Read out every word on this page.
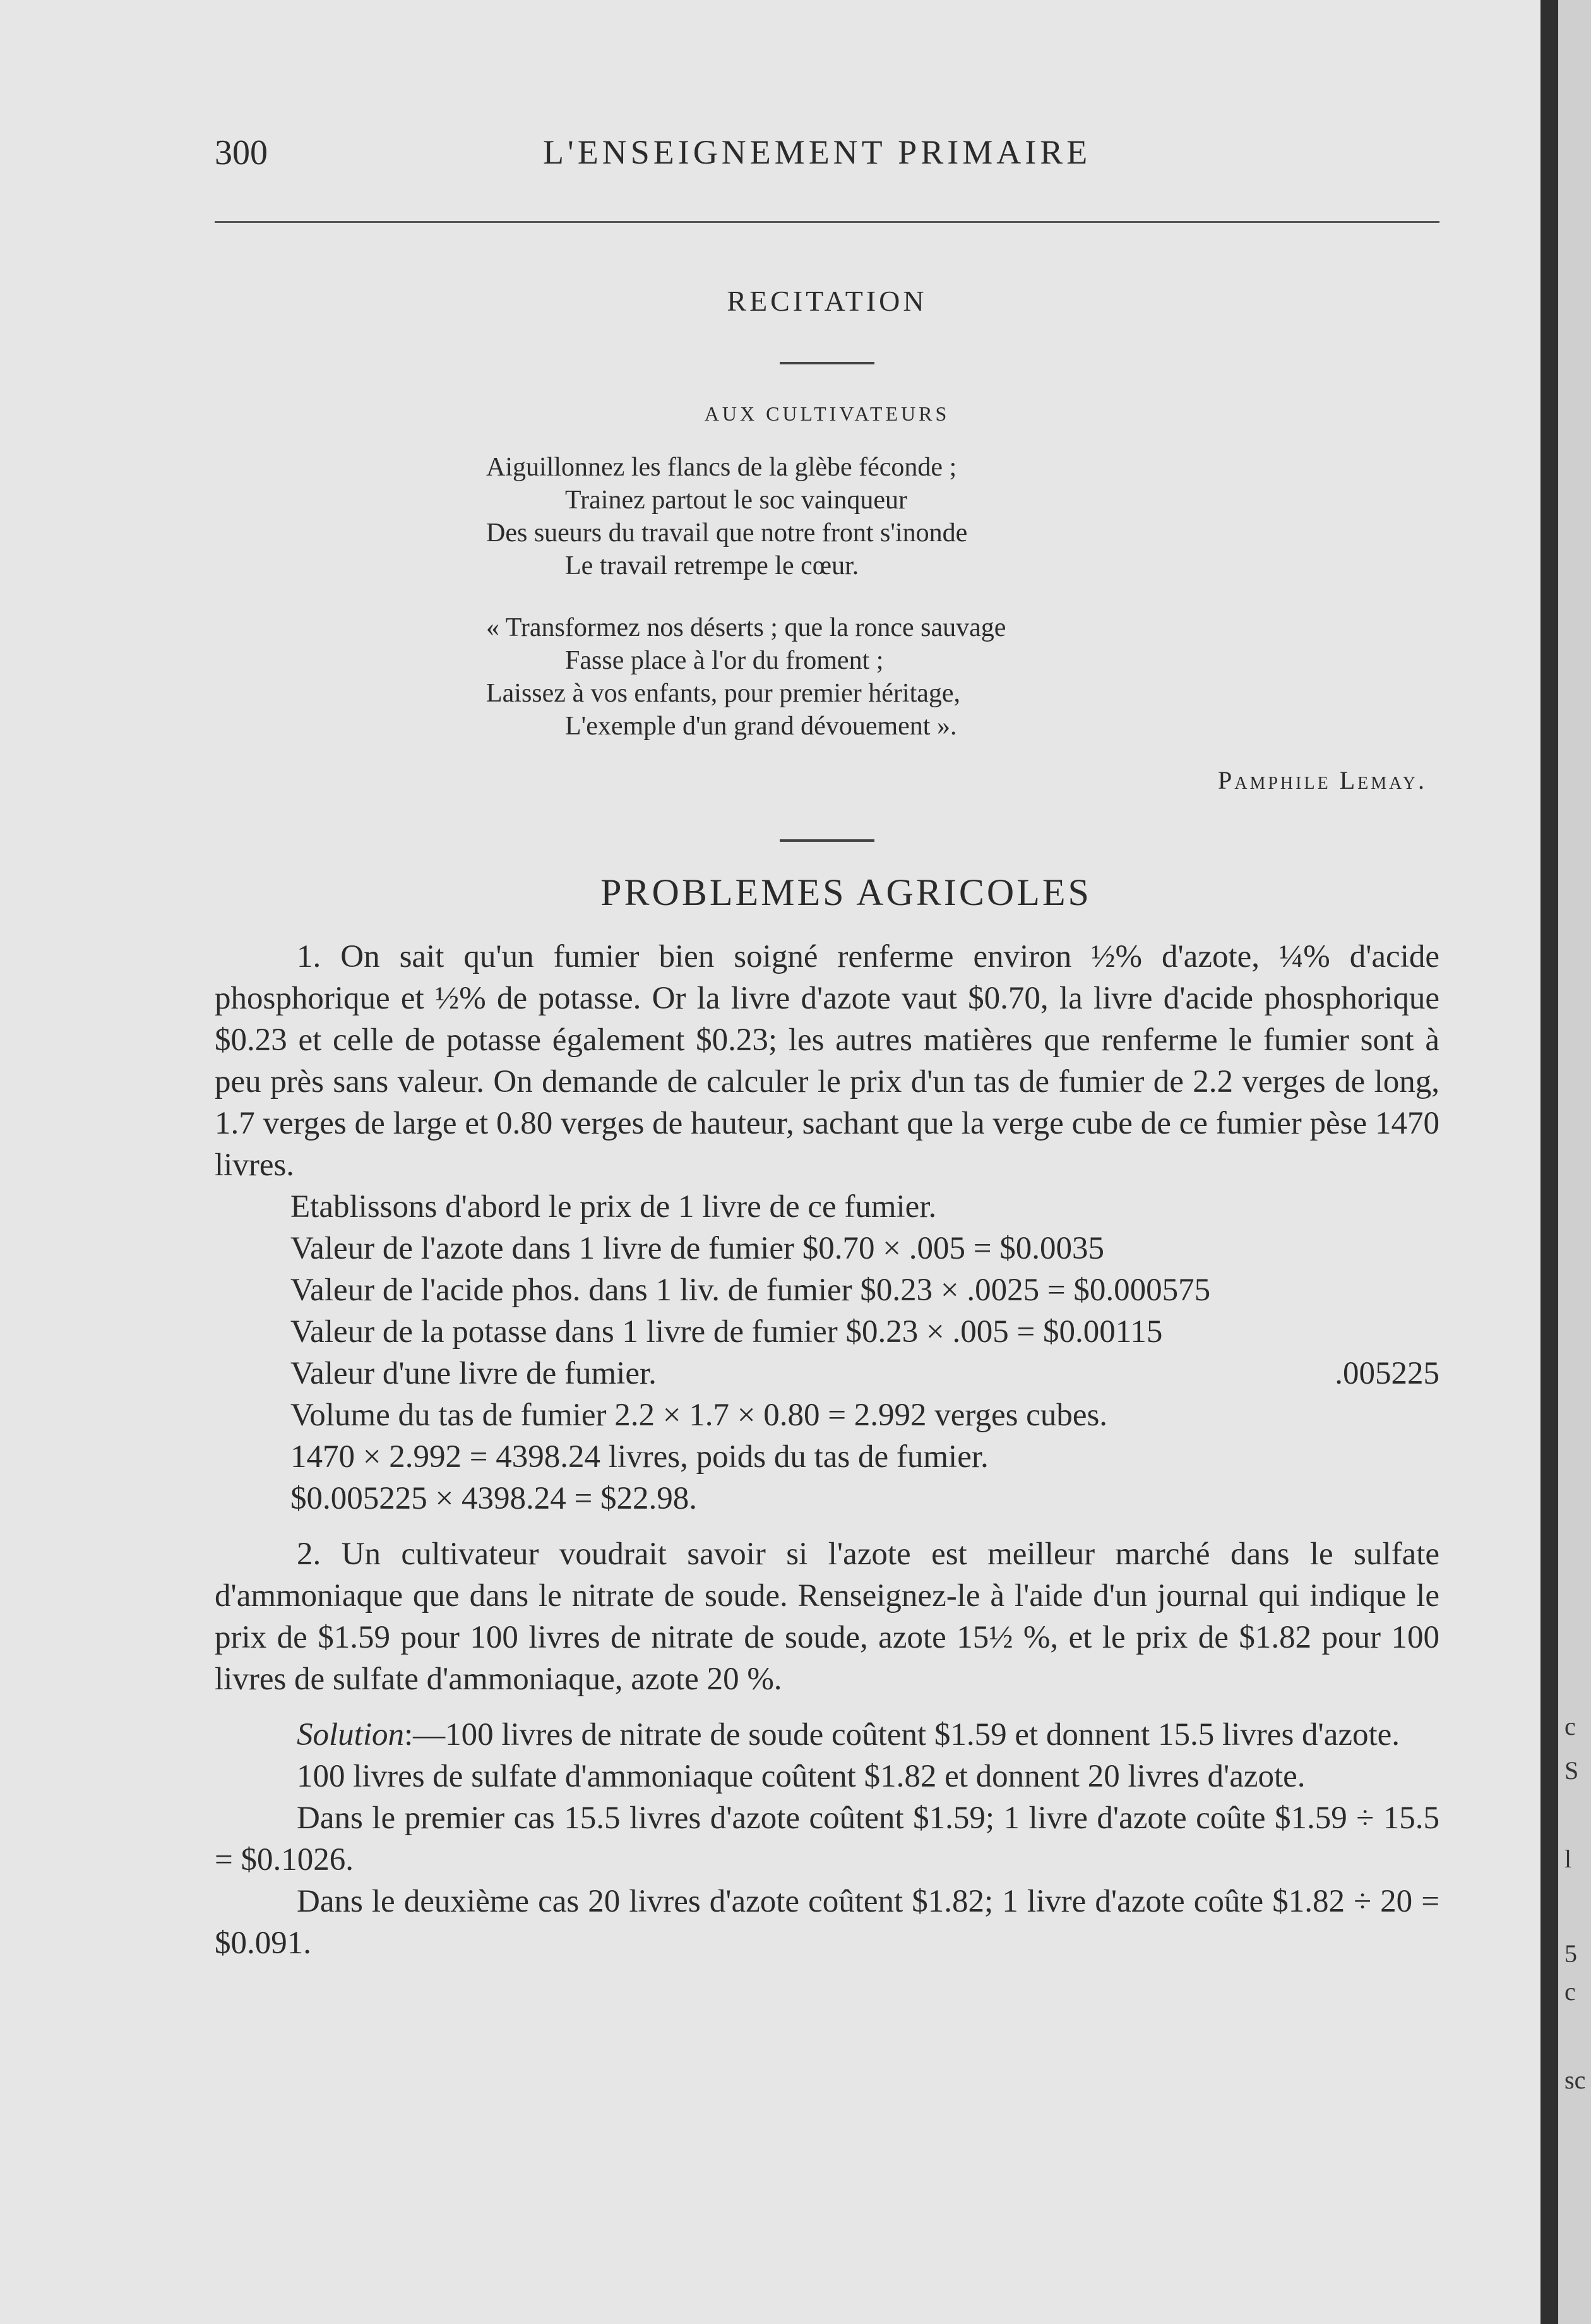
300	L'ENSEIGNEMENT PRIMAIRE
RECITATION
AUX CULTIVATEURS
Aiguillonnez les flancs de la glèbe féconde ;
Trainez partout le soc vainqueur
Des sueurs du travail que notre front s'inonde
Le travail retrempe le cœur.
« Transformez nos déserts ; que la ronce sauvage
Fasse place à l'or du froment ;
Laissez à vos enfants, pour premier héritage,
L'exemple d'un grand dévouement ».
Pamphile Lemay.
PROBLEMES AGRICOLES

1. On sait qu'un fumier bien soigné renferme environ ½% d'azote, ¼% d'acide phosphorique et ½% de potasse. Or la livre d'azote vaut $0.70, la livre d'acide phosphorique $0.23 et celle de potasse également $0.23; les autres matières que renferme le fumier sont à peu près sans valeur. On demande de calculer le prix d'un tas de fumier de 2.2 verges de long, 1.7 verges de large et 0.80 verges de hauteur, sachant que la verge cube de ce fumier pèse 1470 livres.

Etablissons d'abord le prix de 1 livre de ce fumier.

Valeur de l'azote dans 1 livre de fumier $0.70 × .005 = $0.0035

Valeur de l'acide phos. dans 1 liv. de fumier $0.23 × .0025 = $0.000575

Valeur de la potasse dans 1 livre de fumier $0.23 × .005 = $0.00115

Valeur d'une livre de fumier.	.005225

Volume du tas de fumier 2.2 × 1.7 × 0.80 = 2.992 verges cubes.

1470 × 2.992 = 4398.24 livres, poids du tas de fumier.

$0.005225 × 4398.24 = $22.98.

2. Un cultivateur voudrait savoir si l'azote est meilleur marché dans le sulfate d'ammoniaque que dans le nitrate de soude. Renseignez-le à l'aide d'un journal qui indique le prix de $1.59 pour 100 livres de nitrate de soude, azote 15½ %, et le prix de $1.82 pour 100 livres de sulfate d'ammoniaque, azote 20 %.

Solution:—100 livres de nitrate de soude coûtent $1.59 et donnent 15.5 livres d'azote.

100 livres de sulfate d'ammoniaque coûtent $1.82 et donnent 20 livres d'azote.

Dans le premier cas 15.5 livres d'azote coûtent $1.59; 1 livre d'azote coûte $1.59 ÷ 15.5 = $0.1026.

Dans le deuxième cas 20 livres d'azote coûtent $1.82; 1 livre d'azote coûte $1.82 ÷ 20 = $0.091.

c
S
l
5
c
sc
